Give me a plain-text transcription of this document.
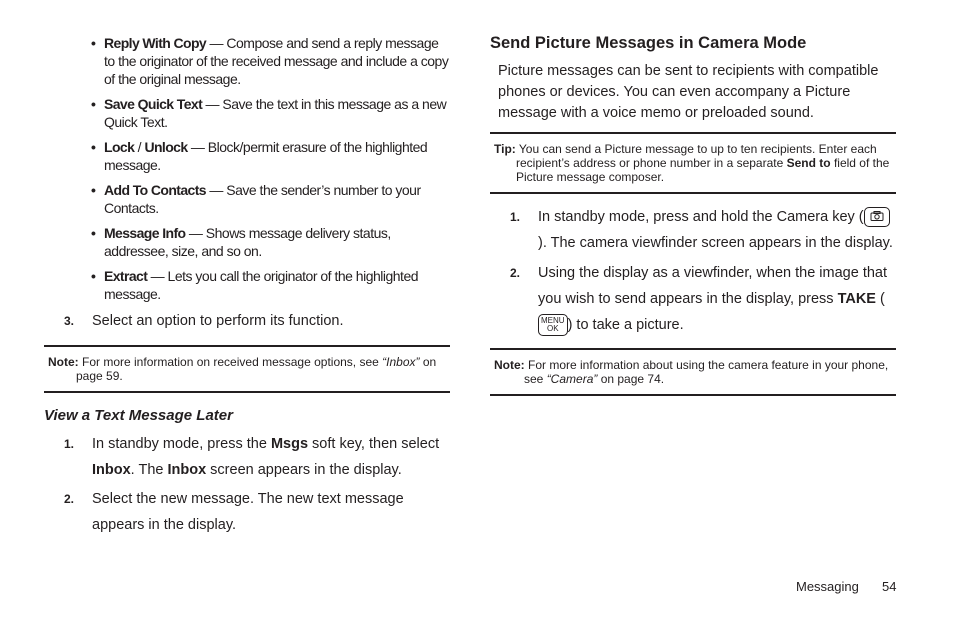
• Reply With Copy — Compose and send a reply message to the originator of the received message and include a copy of the original message.
• Save Quick Text — Save the text in this message as a new Quick Text.
• Lock / Unlock — Block/permit erasure of the highlighted message.
• Add To Contacts — Save the sender’s number to your Contacts.
• Message Info — Shows message delivery status, addressee, size, and so on.
• Extract — Lets you call the originator of the highlighted message.
3. Select an option to perform its function.
Note: For more information on received message options, see “Inbox” on page 59.
View a Text Message Later
1. In standby mode, press the Msgs soft key, then select Inbox. The Inbox screen appears in the display.
2. Select the new message. The new text message appears in the display.
Send Picture Messages in Camera Mode
Picture messages can be sent to recipients with compatible phones or devices. You can even accompany a Picture message with a voice memo or preloaded sound.
Tip: You can send a Picture message to up to ten recipients. Enter each recipient’s address or phone number in a separate Send to field of the Picture message composer.
1. In standby mode, press and hold the Camera key (). The camera viewfinder screen appears in the display.
2. Using the display as a viewfinder, when the image that you wish to send appears in the display, press TAKE (MENU
OK ) to take a picture.
Note: For more information about using the camera feature in your phone, see “Camera” on page 74.
Messaging 54
